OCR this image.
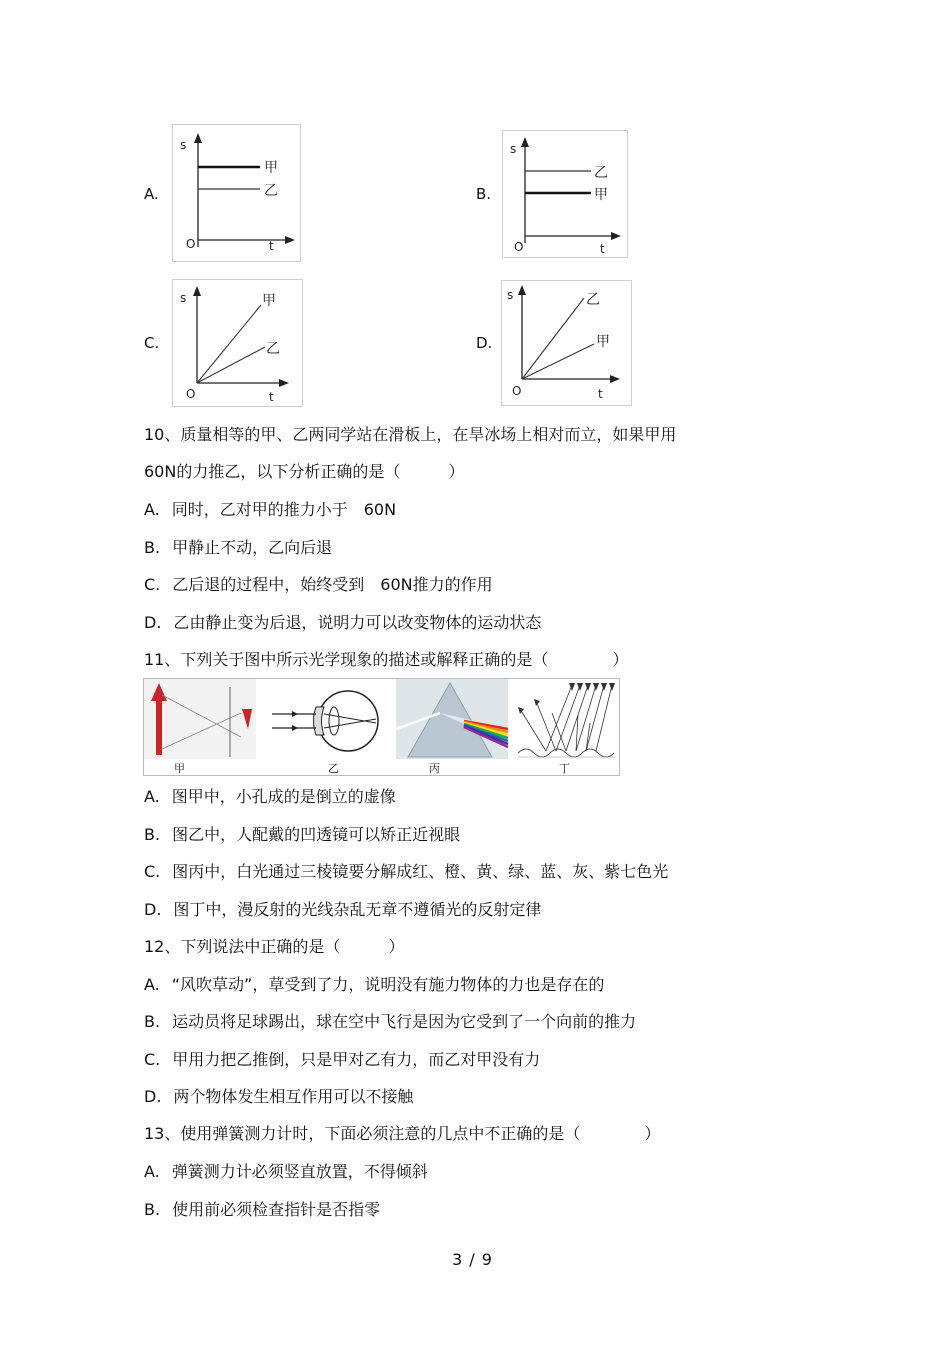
A.
s
O	t
甲
乙	B.
s
O	t
乙
甲
C.
s
O	t
甲
乙	D.
s
O	t
乙
甲
10、质量相等的甲、乙两同学站在滑板上，在旱冰场上相对而立，如果甲用
60N的力推乙，以下分析正确的是（　　　）
A. 同时，乙对甲的推力小于　60N
B. 甲静止不动，乙向后退
C. 乙后退的过程中，始终受到　60N推力的作用
D. 乙由静止变为后退，说明力可以改变物体的运动状态
11、下列关于图中所示光学现象的描述或解释正确的是（　　　　）
甲	乙	丙	丁
A. 图甲中，小孔成的是倒立的虚像
B. 图乙中，人配戴的凹透镜可以矫正近视眼
C. 图丙中，白光通过三棱镜要分解成红、橙、黄、绿、蓝、灰、紫七色光
D. 图丁中，漫反射的光线杂乱无章不遵循光的反射定律
12、下列说法中正确的是（　　　）
A. “风吹草动”，草受到了力，说明没有施力物体的力也是存在的
B. 运动员将足球踢出，球在空中飞行是因为它受到了一个向前的推力
C. 甲用力把乙推倒，只是甲对乙有力，而乙对甲没有力
D. 两个物体发生相互作用可以不接触
13、使用弹簧测力计时，下面必须注意的几点中不正确的是（　　　　）
A. 弹簧测力计必须竖直放置，不得倾斜
B. 使用前必须检查指针是否指零
3 / 9
